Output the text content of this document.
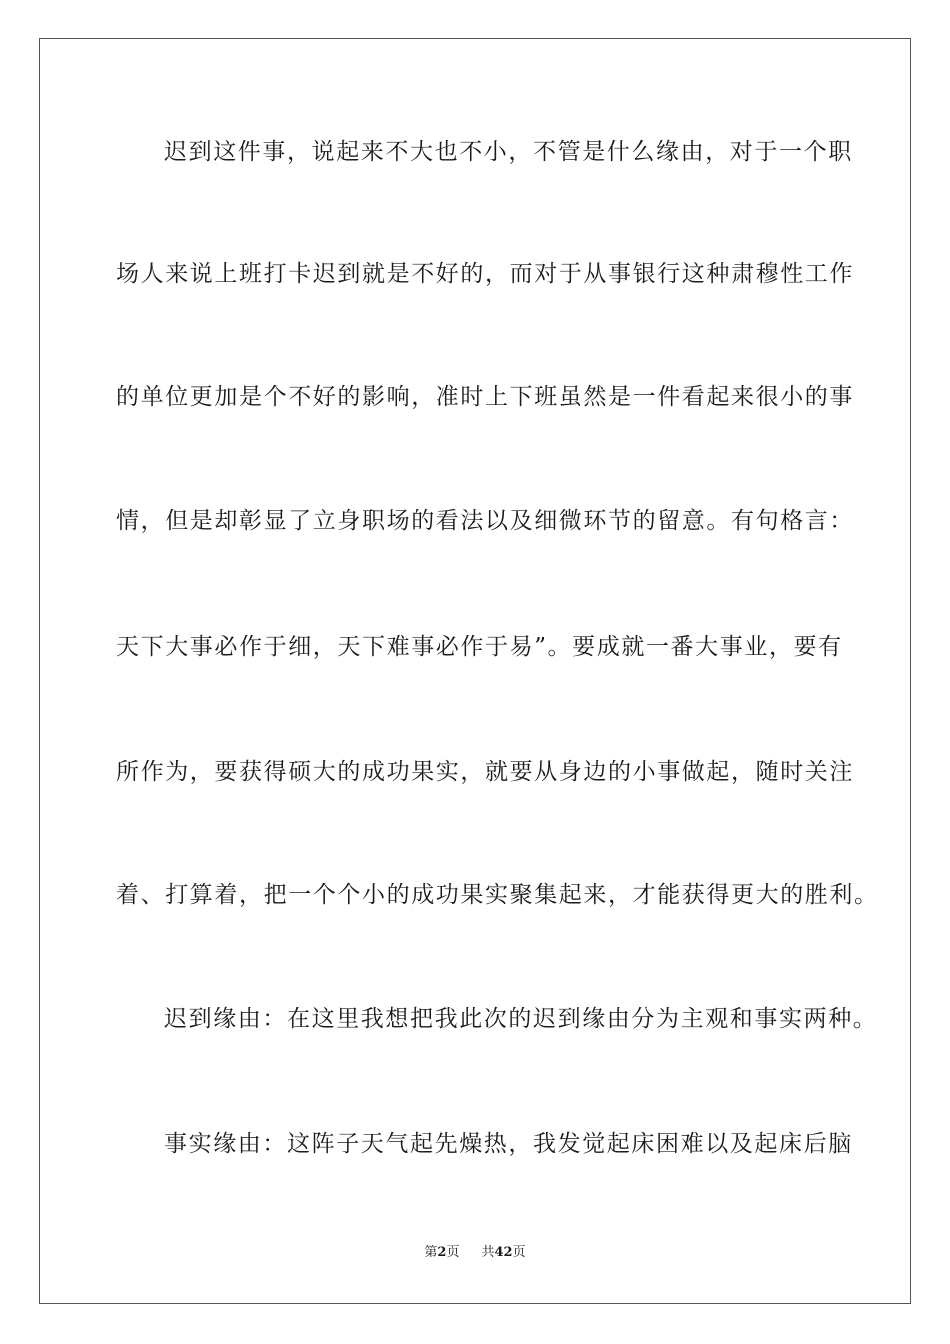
迟到这件事，说起来不大也不小，不管是什么缘由，对于一个职
场人来说上班打卡迟到就是不好的，而对于从事银行这种肃穆性工作
的单位更加是个不好的影响，准时上下班虽然是一件看起来很小的事
情，但是却彰显了立身职场的看法以及细微环节的留意。有句格言：
天下大事必作于细，天下难事必作于易”。要成就一番大事业，要有
所作为，要获得硕大的成功果实，就要从身边的小事做起，随时关注
着、打算着，把一个个小的成功果实聚集起来，才能获得更大的胜利。
迟到缘由：在这里我想把我此次的迟到缘由分为主观和事实两种。
事实缘由：这阵子天气起先燥热，我发觉起床困难以及起床后脑
第2页 共42页
